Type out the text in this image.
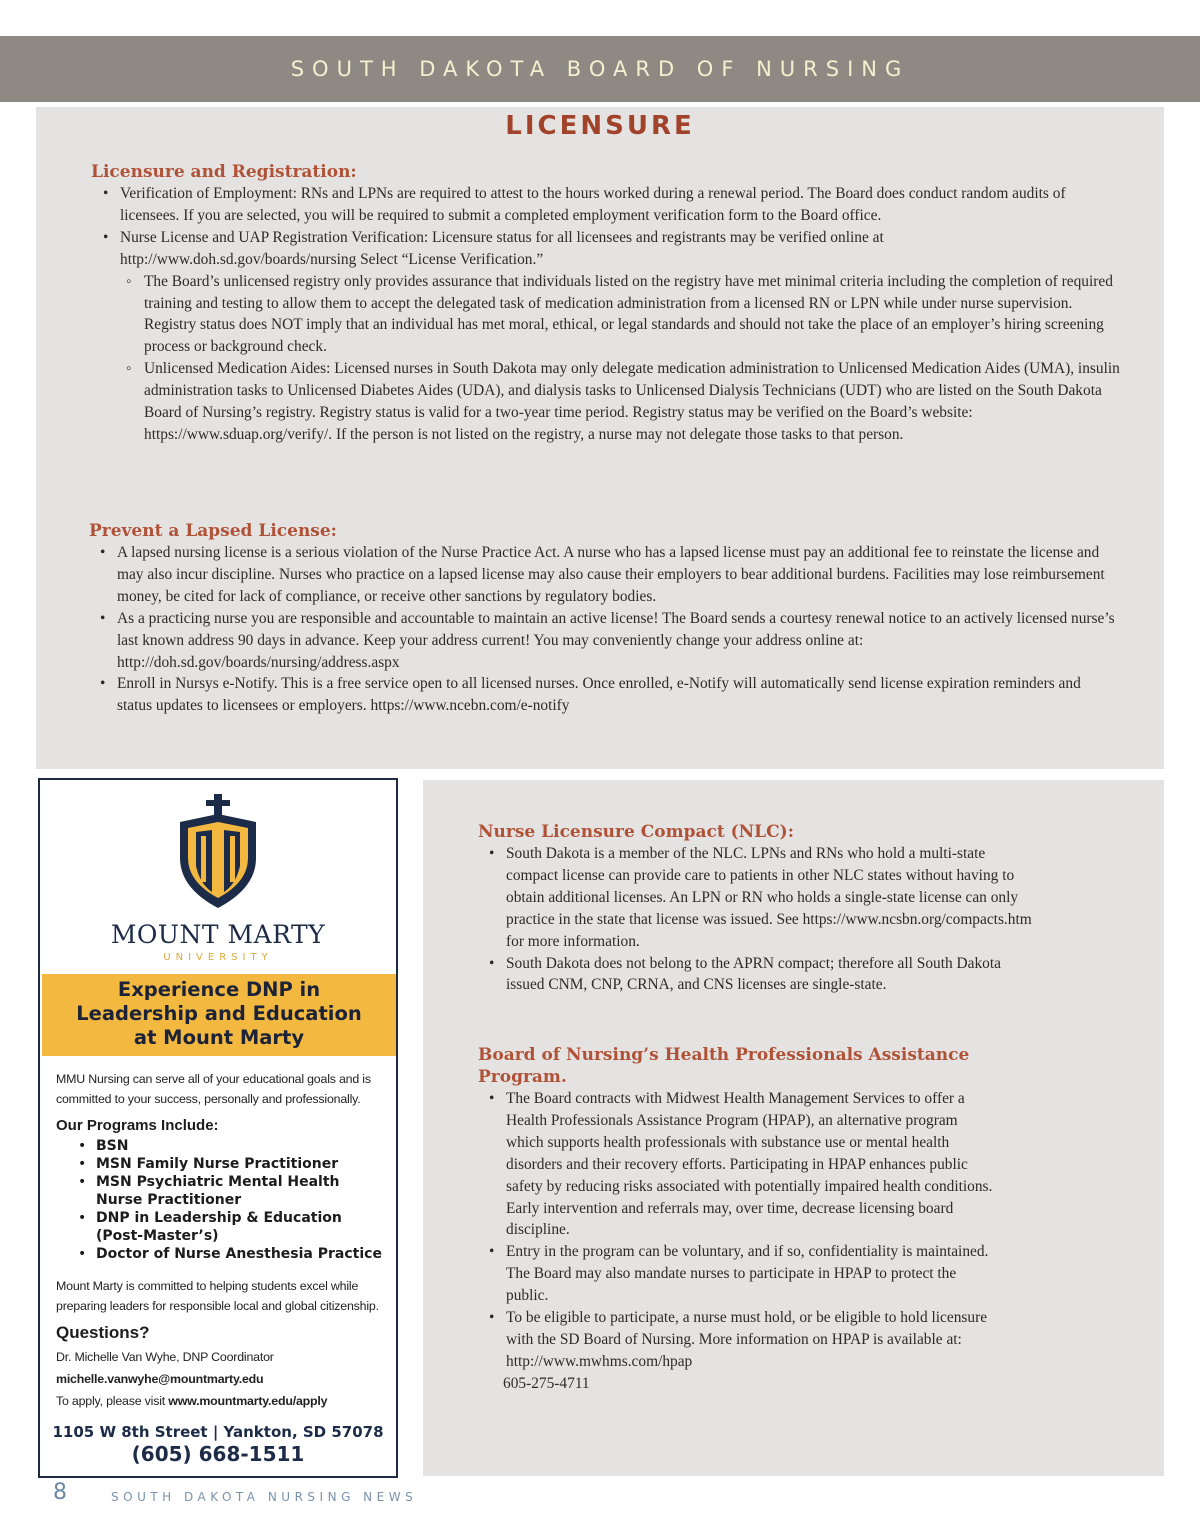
SOUTH DAKOTA BOARD OF NURSING
LICENSURE
Licensure and Registration:
• Verification of Employment: RNs and LPNs are required to attest to the hours worked during a renewal period. The Board does conduct random audits of licensees. If you are selected, you will be required to submit a completed employment verification form to the Board office.
• Nurse License and UAP Registration Verification: Licensure status for all licensees and registrants may be verified online at http://www.doh.sd.gov/boards/nursing Select “License Verification.”
◦ The Board’s unlicensed registry only provides assurance that individuals listed on the registry have met minimal criteria including the completion of required training and testing to allow them to accept the delegated task of medication administration from a licensed RN or LPN while under nurse supervision. Registry status does NOT imply that an individual has met moral, ethical, or legal standards and should not take the place of an employer’s hiring screening process or background check.
◦ Unlicensed Medication Aides: Licensed nurses in South Dakota may only delegate medication administration to Unlicensed Medication Aides (UMA), insulin administration tasks to Unlicensed Diabetes Aides (UDA), and dialysis tasks to Unlicensed Dialysis Technicians (UDT) who are listed on the South Dakota Board of Nursing’s registry. Registry status is valid for a two-year time period. Registry status may be verified on the Board’s website: https://www.sduap.org/verify/. If the person is not listed on the registry, a nurse may not delegate those tasks to that person.
Prevent a Lapsed License:
• A lapsed nursing license is a serious violation of the Nurse Practice Act. A nurse who has a lapsed license must pay an additional fee to reinstate the license and may also incur discipline. Nurses who practice on a lapsed license may also cause their employers to bear additional burdens. Facilities may lose reimbursement money, be cited for lack of compliance, or receive other sanctions by regulatory bodies.
• As a practicing nurse you are responsible and accountable to maintain an active license! The Board sends a courtesy renewal notice to an actively licensed nurse’s last known address 90 days in advance. Keep your address current! You may conveniently change your address online at: http://doh.sd.gov/boards/nursing/address.aspx
• Enroll in Nursys e-Notify. This is a free service open to all licensed nurses. Once enrolled, e-Notify will automatically send license expiration reminders and status updates to licensees or employers. https://www.ncebn.com/e-notify
MOUNT MARTY
UNIVERSITY
Experience DNP in
Leadership and Education
at Mount Marty
MMU Nursing can serve all of your educational goals and is committed to your success, personally and professionally.
Our Programs Include:
• BSN
• MSN Family Nurse Practitioner
• MSN Psychiatric Mental Health Nurse Practitioner
• DNP in Leadership & Education (Post-Master’s)
• Doctor of Nurse Anesthesia Practice
Mount Marty is committed to helping students excel while preparing leaders for responsible local and global citizenship.
Questions?
Dr. Michelle Van Wyhe, DNP Coordinator
michelle.vanwyhe@mountmarty.edu
To apply, please visit www.mountmarty.edu/apply
1105 W 8th Street | Yankton, SD 57078
(605) 668-1511
Nurse Licensure Compact (NLC):
• South Dakota is a member of the NLC. LPNs and RNs who hold a multi-state compact license can provide care to patients in other NLC states without having to obtain additional licenses. An LPN or RN who holds a single-state license can only practice in the state that license was issued. See https://www.ncsbn.org/compacts.htm for more information.
• South Dakota does not belong to the APRN compact; therefore all South Dakota issued CNM, CNP, CRNA, and CNS licenses are single-state.
Board of Nursing’s Health Professionals Assistance Program.
• The Board contracts with Midwest Health Management Services to offer a Health Professionals Assistance Program (HPAP), an alternative program which supports health professionals with substance use or mental health disorders and their recovery efforts. Participating in HPAP enhances public safety by reducing risks associated with potentially impaired health conditions. Early intervention and referrals may, over time, decrease licensing board discipline.
• Entry in the program can be voluntary, and if so, confidentiality is maintained. The Board may also mandate nurses to participate in HPAP to protect the public.
• To be eligible to participate, a nurse must hold, or be eligible to hold licensure with the SD Board of Nursing. More information on HPAP is available at:
http://www.mwhms.com/hpap
605-275-4711
8	SOUTH DAKOTA NURSING NEWS
